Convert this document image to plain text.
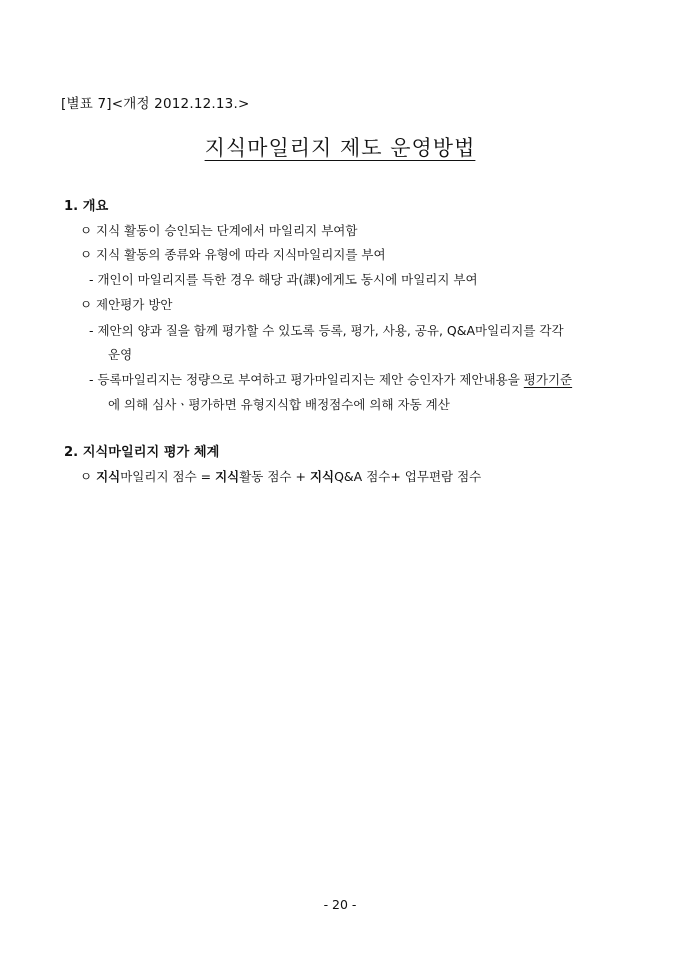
[별표 7]<개정 2012.12.13.>
지식마일리지 제도 운영방법
1. 개요
ㅇ 지식 활동이 승인되는 단계에서 마일리지 부여함
ㅇ 지식 활동의 종류와 유형에 따라 지식마일리지를 부여
- 개인이 마일리지를 득한 경우 해당 과(課)에게도 동시에 마일리지 부여
ㅇ 제안평가 방안
- 제안의 양과 질을 함께 평가할 수 있도록 등록, 평가, 사용, 공유, Q&A마일리지를 각각
운영
- 등록마일리지는 정량으로 부여하고 평가마일리지는 제안 승인자가 제안내용을 평가기준
에 의해 심사ㆍ평가하면 유형지식합 배정점수에 의해 자동 계산
2. 지식마일리지 평가 체계
ㅇ 지식마일리지 점수 = 지식활동 점수 + 지식Q&A 점수+ 업무편람 점수
- 20 -
